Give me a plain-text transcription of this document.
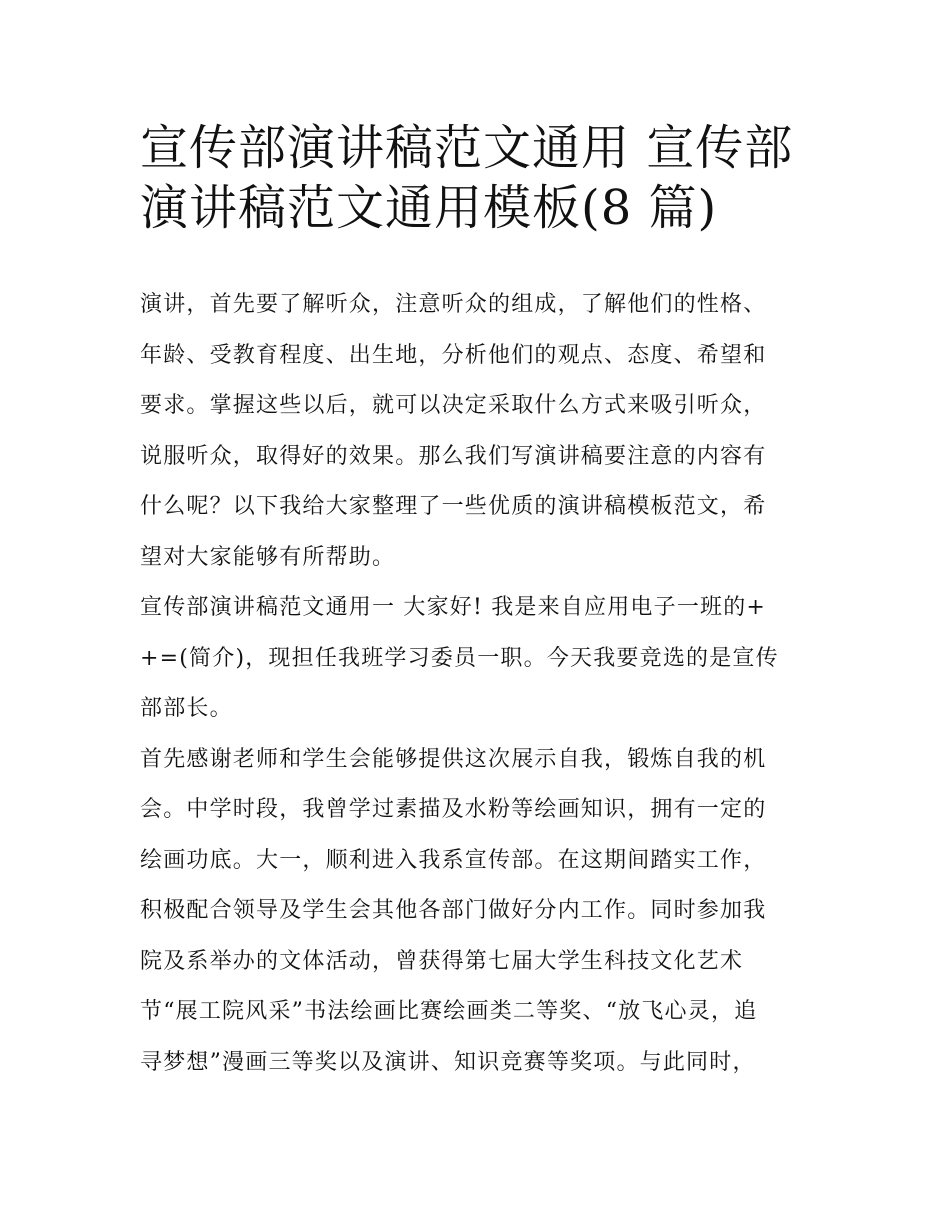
宣传部演讲稿范文通用 宣传部
演讲稿范文通用模板(8 篇)

演讲，首先要了解听众，注意听众的组成，了解他们的性格、
年龄、受教育程度、出生地，分析他们的观点、态度、希望和
要求。掌握这些以后，就可以决定采取什么方式来吸引听众，
说服听众，取得好的效果。那么我们写演讲稿要注意的内容有
什么呢？以下我给大家整理了一些优质的演讲稿模板范文，希
望对大家能够有所帮助。

宣传部演讲稿范文通用一 大家好! 我是来自应用电子一班的+
+=(简介)，现担任我班学习委员一职。今天我要竞选的是宣传
部部长。

首先感谢老师和学生会能够提供这次展示自我，锻炼自我的机
会。中学时段，我曾学过素描及水粉等绘画知识，拥有一定的
绘画功底。大一，顺利进入我系宣传部。在这期间踏实工作，
积极配合领导及学生会其他各部门做好分内工作。同时参加我
院及系举办的文体活动，曾获得第七届大学生科技文化艺术
节“展工院风采”书法绘画比赛绘画类二等奖、“放飞心灵，追
寻梦想”漫画三等奖以及演讲、知识竞赛等奖项。与此同时，
